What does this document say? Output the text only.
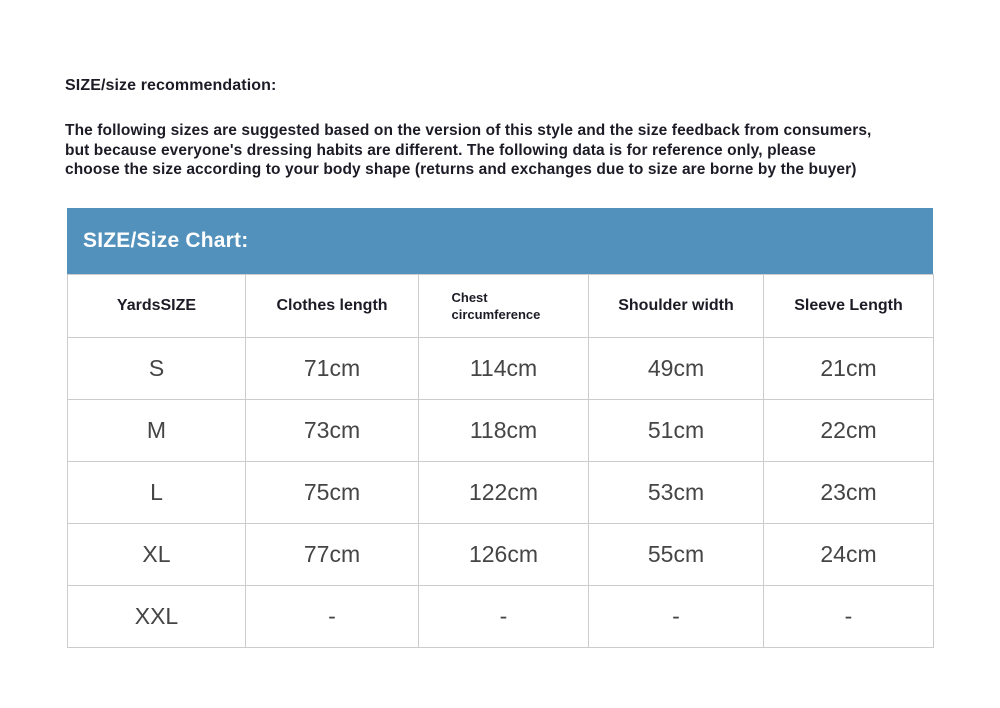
SIZE/size recommendation:
The following sizes are suggested based on the version of this style and the size feedback from consumers,
but because everyone's dressing habits are different. The following data is for reference only, please
choose the size according to your body shape (returns and exchanges due to size are borne by the buyer)
SIZE/Size Chart:
YardsSIZE	Clothes length	Chest circumference	Shoulder width	Sleeve Length
S	71cm	114cm	49cm	21cm
M	73cm	118cm	51cm	22cm
L	75cm	122cm	53cm	23cm
XL	77cm	126cm	55cm	24cm
XXL	-	-	-	-
